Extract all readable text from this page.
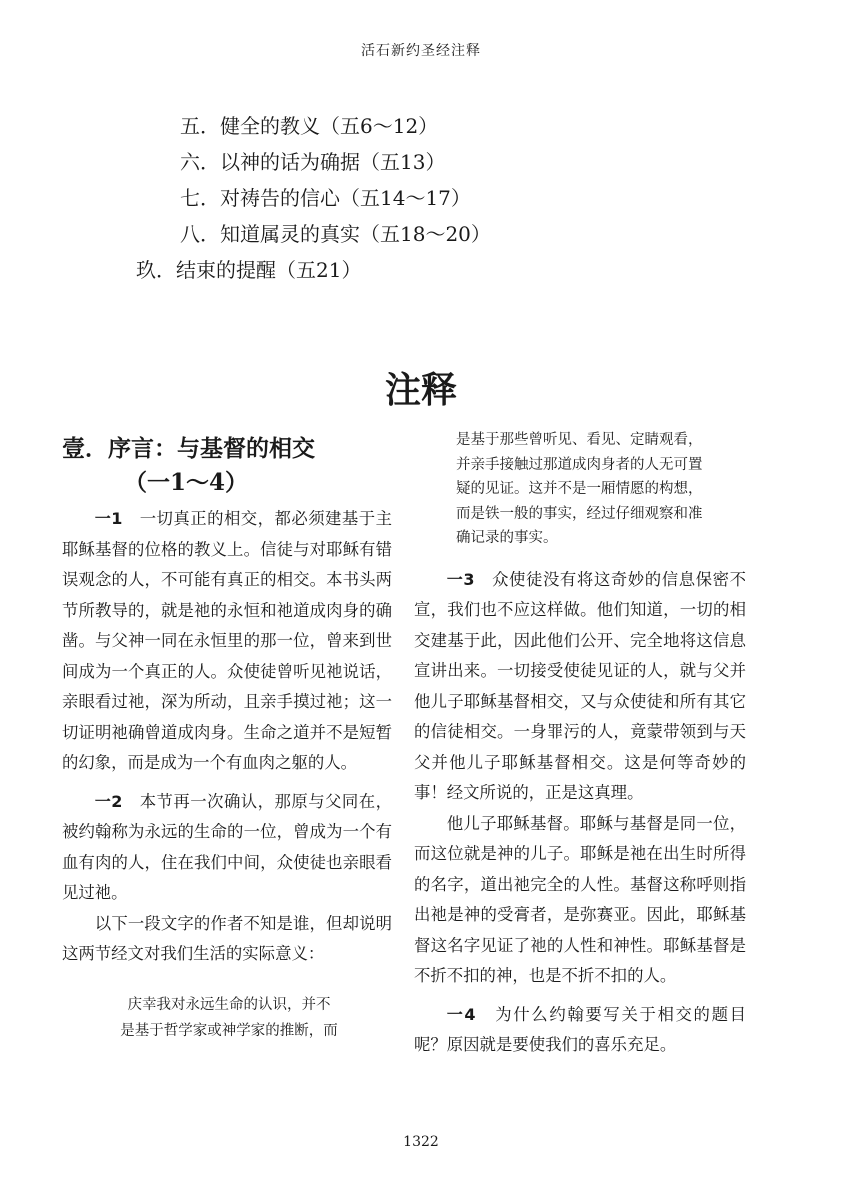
活石新约圣经注释
五．健全的教义（五6～12）
六．以神的话为确据（五13）
七．对祷告的信心（五14～17）
八．知道属灵的真实（五18～20）
玖．结束的提醒（五21）
注释
壹．序言：与基督的相交
（一1～4）

一1　 一切真正的相交，都必须建基于主耶稣基督的位格的教义上。信徒与对耶稣有错误观念的人，不可能有真正的相交。本书头两节所教导的，就是祂的永恒和祂道成肉身的确凿。与父神一同在永恒里的那一位，曾来到世间成为一个真正的人。众使徒曾听见祂说话，亲眼看过祂，深为所动，且亲手摸过祂；这一切证明祂确曾道成肉身。生命之道并不是短暂的幻象，而是成为一个有血肉之躯的人。

一2　 本节再一次确认，那原与父同在，被约翰称为永远的生命的一位，曾成为一个有血有肉的人，住在我们中间，众使徒也亲眼看见过祂。

以下一段文字的作者不知是谁，但却说明这两节经文对我们生活的实际意义：

庆幸我对永远生命的认识，并不
是基于哲学家或神学家的推断，而
是基于那些曾听见、看见、定睛观看，并亲手接触过那道成肉身者的人无可置疑的见证。这并不是一厢情愿的构想，而是铁一般的事实，经过仔细观察和准确记录的事实。

一3　 众使徒没有将这奇妙的信息保密不宣，我们也不应这样做。他们知道，一切的相交建基于此，因此他们公开、完全地将这信息宣讲出来。一切接受使徒见证的人，就与父并他儿子耶稣基督相交，又与众使徒和所有其它的信徒相交。一身罪污的人，竟蒙带领到与天父并他儿子耶稣基督相交。这是何等奇妙的事！经文所说的，正是这真理。

他儿子耶稣基督。耶稣与基督是同一位，而这位就是神的儿子。耶稣是祂在出生时所得的名字，道出祂完全的人性。基督这称呼则指出祂是神的受膏者，是弥赛亚。因此，耶稣基督这名字见证了祂的人性和神性。耶稣基督是不折不扣的神，也是不折不扣的人。

一4　 为什么约翰要写关于相交的题目呢？原因就是要使我们的喜乐充足。

1322
